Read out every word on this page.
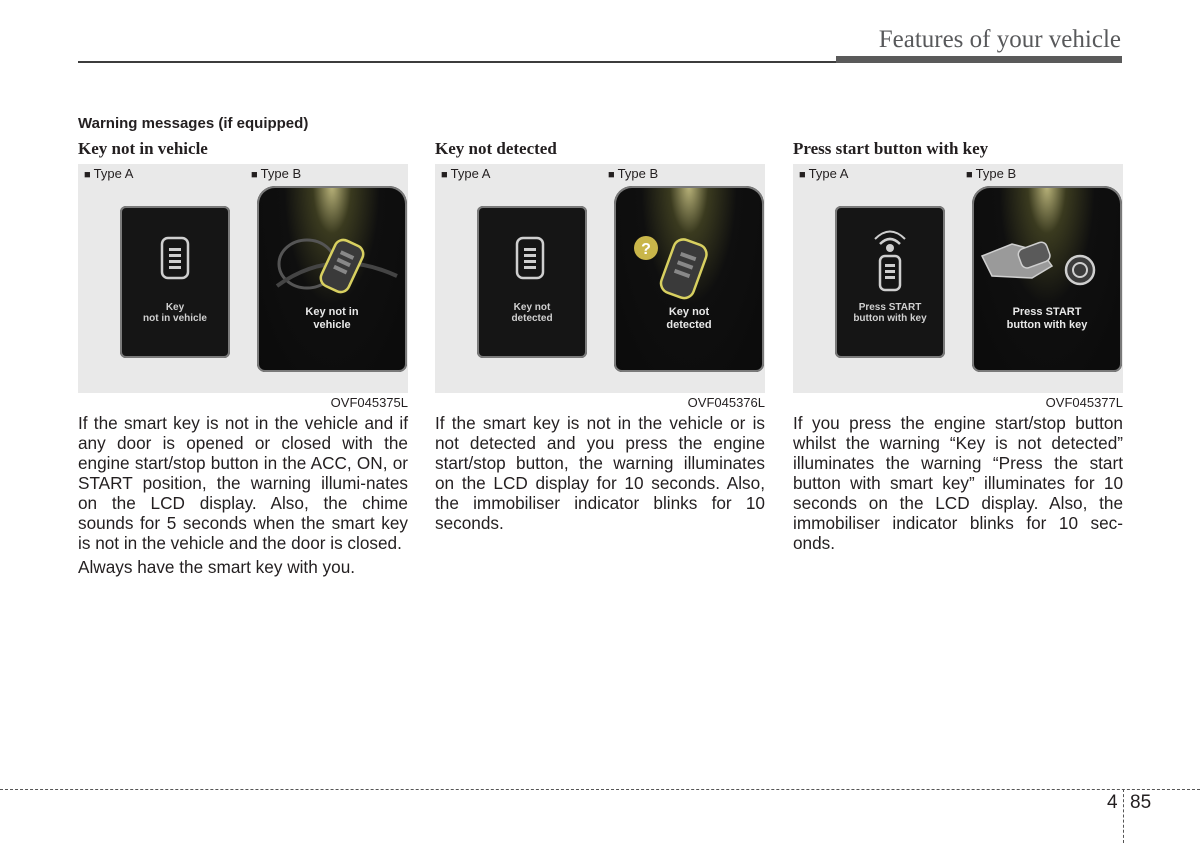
Features of your vehicle
Warning messages (if equipped)
Key not in vehicle
■ Type A	■ Type B
Key
not in vehicle
Key not in
vehicle
OVF045375L

If the smart key is not in the vehicle and if any door is opened or closed with the engine start/stop button in the ACC, ON, or START position, the warning illumi-nates on the LCD display. Also, the chime sounds for 5 seconds when the smart key is not in the vehicle and the door is closed.

Always have the smart key with you.

Key not detected
■ Type A	■ Type B
Key not
detected
?
Key not
detected
OVF045376L

If the smart key is not in the vehicle or is not detected and you press the engine start/stop button, the warning illuminates on the LCD display for 10 seconds. Also, the immobiliser indicator blinks for 10 seconds.

Press start button with key
■ Type A	■ Type B
Press START
button with key
Press START
button with key
OVF045377L

If you press the engine start/stop button whilst the warning “Key is not detected” illuminates the warning “Press the start button with smart key” illuminates for 10 seconds on the LCD display. Also, the immobiliser indicator blinks for 10 sec-onds.

4 85
